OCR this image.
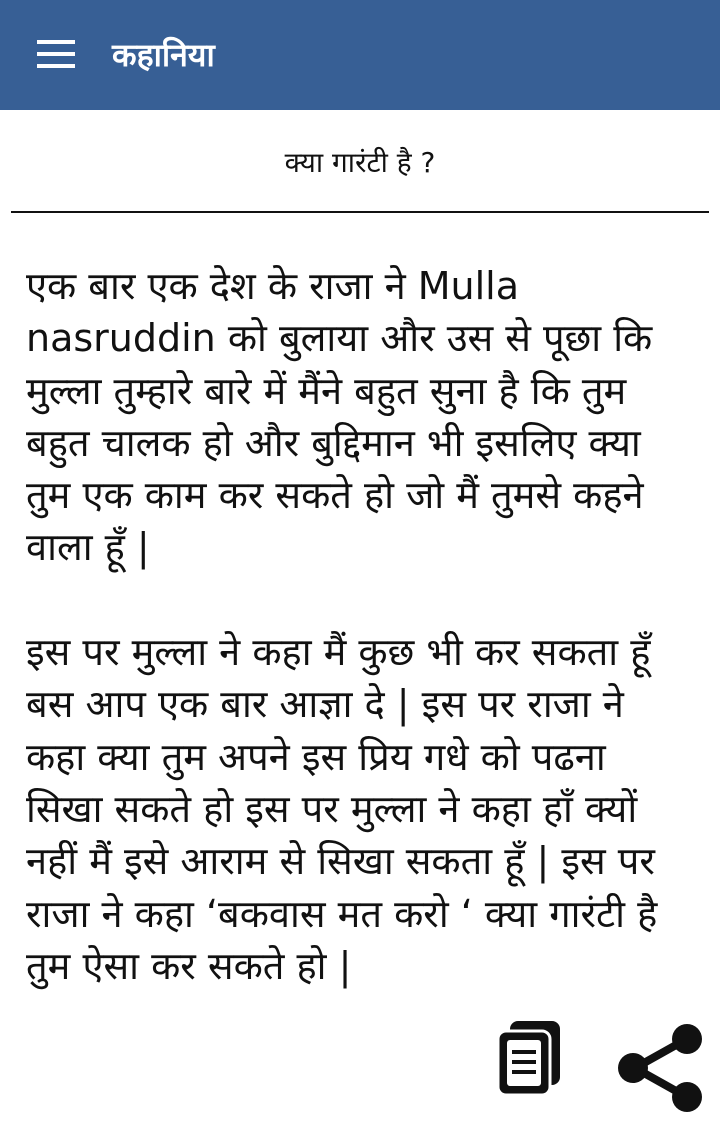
कहानिया
क्या गारंटी है ?

एक बार एक देश के राजा ने Mulla nasruddin को बुलाया और उस से पूछा कि मुल्ला तुम्हारे बारे में मैंने बहुत सुना है कि तुम बहुत चालक हो और बुद्दिमान भी इसलिए क्या तुम एक काम कर सकते हो जो मैं तुमसे कहने वाला हूँ |

इस पर मुल्ला ने कहा मैं कुछ भी कर सकता हूँ बस आप एक बार आज्ञा दे | इस पर राजा ने कहा क्या तुम अपने इस प्रिय गधे को पढना सिखा सकते हो इस पर मुल्ला ने कहा हाँ क्यों नहीं मैं इसे आराम से सिखा सकता हूँ | इस पर राजा ने कहा ‘बकवास मत करो ‘ क्या गारंटी है तुम ऐसा कर सकते हो |
